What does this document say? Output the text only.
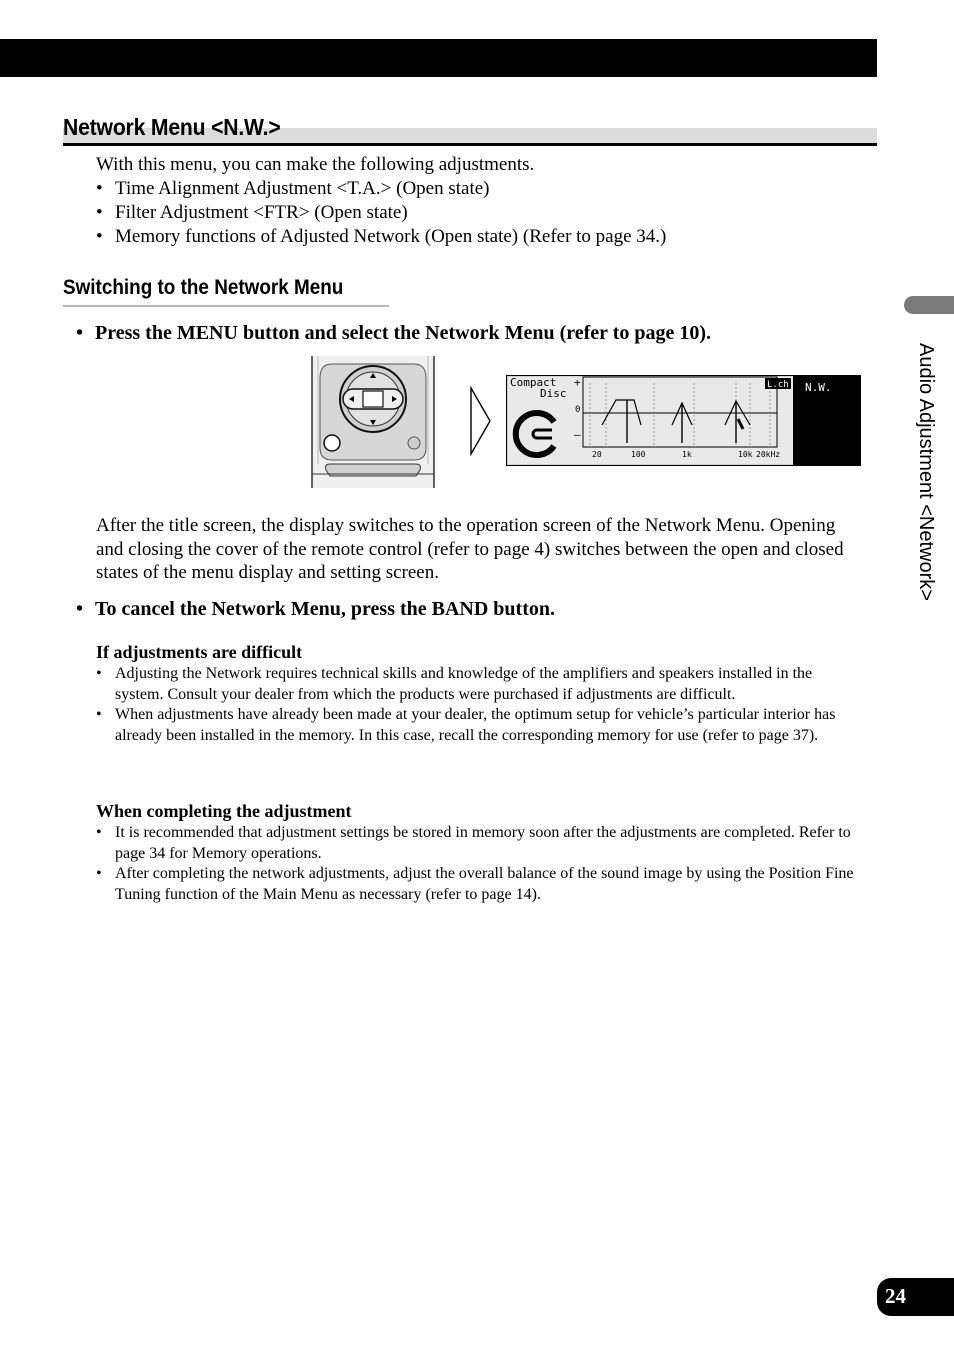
Network Menu <N.W.>

With this menu, you can make the following adjustments.

• Time Alignment Adjustment <T.A.> (Open state)
• Filter Adjustment <FTR> (Open state)
• Memory functions of Adjusted Network (Open state) (Refer to page 34.)
Switching to the Network Menu

• Press the MENU button and select the Network Menu (refer to page 10).

N.W.
L.ch
Compact +
Disc
0
–
20	100	1k	10k 20kHz

After the title screen, the display switches to the operation screen of the Network Menu. Opening and closing the cover of the remote control (refer to page 4) switches between the open and closed states of the menu display and setting screen.

• To cancel the Network Menu, press the BAND button.

If adjustments are difficult

• Adjusting the Network requires technical skills and knowledge of the amplifiers and speakers installed in the system. Consult your dealer from which the products were purchased if adjustments are difficult.
• When adjustments have already been made at your dealer, the optimum setup for vehicle’s particular interior has already been installed in the memory. In this case, recall the corresponding memory for use (refer to page 37).

When completing the adjustment

• It is recommended that adjustment settings be stored in memory soon after the adjustments are completed. Refer to page 34 for Memory operations.
• After completing the network adjustments, adjust the overall balance of the sound image by using the Position Fine Tuning function of the Main Menu as necessary (refer to page 14).
Audio Adjustment <Network>
24
